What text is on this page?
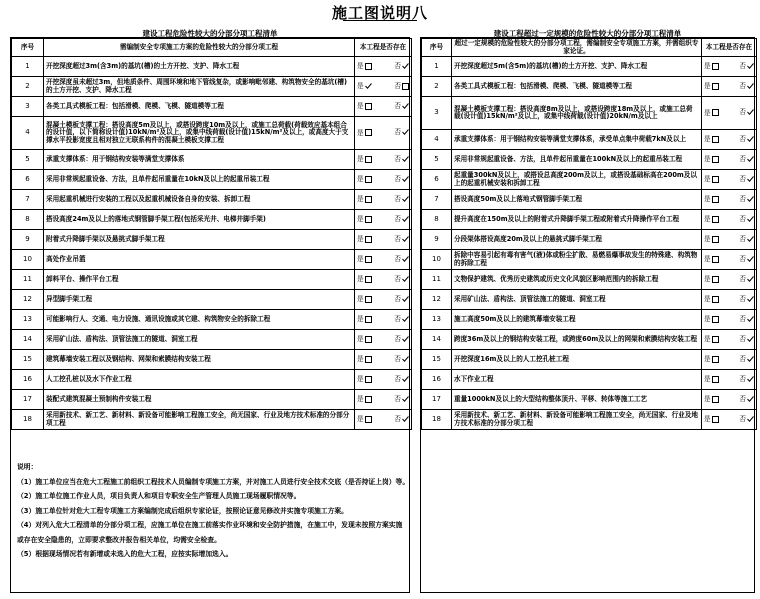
施工图说明八
建设工程危险性较大的分部分项工程清单	建设工程超过一定规模的危险性较大的分部分项工程清单
序号	需编制安全专项施工方案的危险性较大的分部分项工程	本工程是否存在
1	开挖深度超过3m(含3m)的基坑(槽)的土方开挖、支护、降水工程	是 否

2	开挖深度虽未超过3m，但地质条件、周围环境和地下管线复杂，或影响毗邻建、构筑物安全的基坑(槽)的土方开挖、支护、降水工程	是 否

3	各类工具式模板工程：包括滑模、爬模、飞模、隧道模等工程	是 否

4	混凝土模板支撑工程：搭设高度5m及以上，或搭设跨度10m及以上，或施工总荷载(荷载效应基本组合的设计值，以下简称设计值)10kN/m²及以上，或集中线荷载(设计值)15kN/m²及以上，或高度大于支撑水平投影宽度且相对独立无联系构件的混凝土模板支撑工程	是 否

5	承重支撑体系：用于钢结构安装等满堂支撑体系	是 否

6	采用非常规起重设备、方法，且单件起吊重量在10kN及以上的起重吊装工程	是 否

7	采用起重机械进行安装的工程以及起重机械设备自身的安装、拆卸工程	是 否

8	搭设高度24m及以上的落地式钢管脚手架工程(包括采光井、电梯井脚手架)	是 否

9	附着式升降脚手架以及悬挑式脚手架工程	是 否

10	高处作业吊篮	是 否

11	卸料平台、操作平台工程	是 否

12	异型脚手架工程	是 否

13	可能影响行人、交通、电力设施、通讯设施或其它建、构筑物安全的拆除工程	是 否

14	采用矿山法、盾构法、顶管法施工的隧道、洞室工程	是 否

15	建筑幕墙安装工程以及钢结构、网架和索膜结构安装工程	是 否

16	人工挖孔桩以及水下作业工程	是 否

17	装配式建筑混凝土预制构件安装工程	是 否

18	采用新技术、新工艺、新材料、新设备可能影响工程施工安全，尚无国家、行业及地方技术标准的分部分项工程	是 否
说明：
（1）施工单位应当在危大工程施工前组织工程技术人员编制专项施工方案，并对施工人员进行安全技术交底（是否持证上岗）等。
（2）施工单位施工作业人员，项目负责人和项目专职安全生产管理人员施工现场履职情况等。
（3）施工单位针对危大工程专项施工方案编制完成后组织专家论证，按照论证意见修改并实施专项施工方案。
（4）对列入危大工程清单的分部分项工程，应施工单位在施工前落实作业环境和安全防护措施，在施工中，发现未按照方案实施
或存在安全隐患的，立即要求整改并报告相关单位，均需安全检查。
（5）根据现场情况若有新增或未选入的危大工程，应按实际增加选入。
序号	超过一定规模的危险性较大的分部分项工程，需编制安全专项施工方案，并需组织专家论证。	本工程是否存在
1	开挖深度超过5m(含5m)的基坑(槽)的土方开挖、支护、降水工程	是 否

2	各类工具式模板工程：包括滑模、爬模、飞模、隧道模等工程	是 否

3	混凝土模板支撑工程：搭设高度8m及以上，或搭设跨度18m及以上，或施工总荷载(设计值)15kN/m²及以上，或集中线荷载(设计值)20kN/m及以上	是 否

4	承重支撑体系：用于钢结构安装等满堂支撑体系，承受单点集中荷载7kN及以上	是 否

5	采用非常规起重设备、方法，且单件起吊重量在100kN及以上的起重吊装工程	是 否

6	起重量300kN及以上，或搭设总高度200m及以上，或搭设基础标高在200m及以上的起重机械安装和拆卸工程	是 否

7	搭设高度50m及以上落地式钢管脚手架工程	是 否

8	提升高度在150m及以上的附着式升降脚手架工程或附着式升降操作平台工程	是 否

9	分段架体搭设高度20m及以上的悬挑式脚手架工程	是 否

10	拆除中容易引起有毒有害气(液)体或粉尘扩散、易燃易爆事故发生的特殊建、构筑物的拆除工程	是 否

11	文物保护建筑、优秀历史建筑或历史文化风貌区影响范围内的拆除工程	是 否

12	采用矿山法、盾构法、顶管法施工的隧道、洞室工程	是 否

13	施工高度50m及以上的建筑幕墙安装工程	是 否

14	跨度36m及以上的钢结构安装工程，或跨度60m及以上的网架和索膜结构安装工程	是 否

15	开挖深度16m及以上的人工挖孔桩工程	是 否

16	水下作业工程	是 否

17	重量1000kN及以上的大型结构整体顶升、平移、转体等施工工艺	是 否

18	采用新技术、新工艺、新材料、新设备可能影响工程施工安全，尚无国家、行业及地方技术标准的分部分项工程	是 否
